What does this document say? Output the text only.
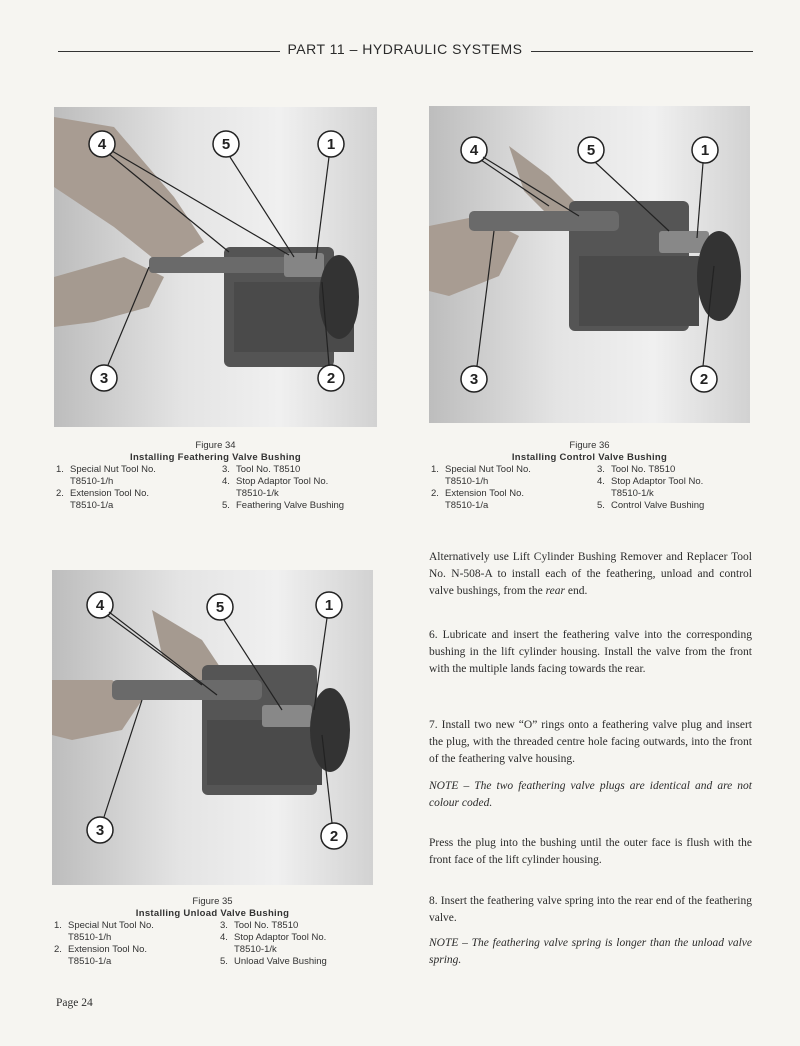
PART 11 – HYDRAULIC SYSTEMS
4	5	1
3	2
4	5	1
3	2
4	5	1
3	2
Figure 34
Installing Feathering Valve Bushing
1. Special Nut Tool No.
T8510-1/h
2. Extension Tool No.
T8510-1/a
3. Tool No. T8510
4. Stop Adaptor Tool No.
T8510-1/k
5. Feathering Valve Bushing
Figure 36
Installing Control Valve Bushing
1. Special Nut Tool No.
T8510-1/h
2. Extension Tool No.
T8510-1/a
3. Tool No. T8510
4. Stop Adaptor Tool No.
T8510-1/k
5. Control Valve Bushing
Figure 35
Installing Unload Valve Bushing
1. Special Nut Tool No.
T8510-1/h
2. Extension Tool No.
T8510-1/a
3. Tool No. T8510
4. Stop Adaptor Tool No.
T8510-1/k
5. Unload Valve Bushing
Alternatively use Lift Cylinder Bushing Remover and Replacer Tool No. N-508-A to install each of the feathering, unload and control valve bushings, from the rear end.
6. Lubricate and insert the feathering valve into the corresponding bushing in the lift cylinder housing. Install the valve from the front with the multiple lands facing towards the rear.
7. Install two new “O” rings onto a feathering valve plug and insert the plug, with the threaded centre hole facing outwards, into the front of the feathering valve housing.
NOTE – The two feathering valve plugs are identical and are not colour coded.
Press the plug into the bushing until the outer face is flush with the front face of the lift cylinder housing.
8. Insert the feathering valve spring into the rear end of the feathering valve.
NOTE – The feathering valve spring is longer than the unload valve spring.
Page 24
